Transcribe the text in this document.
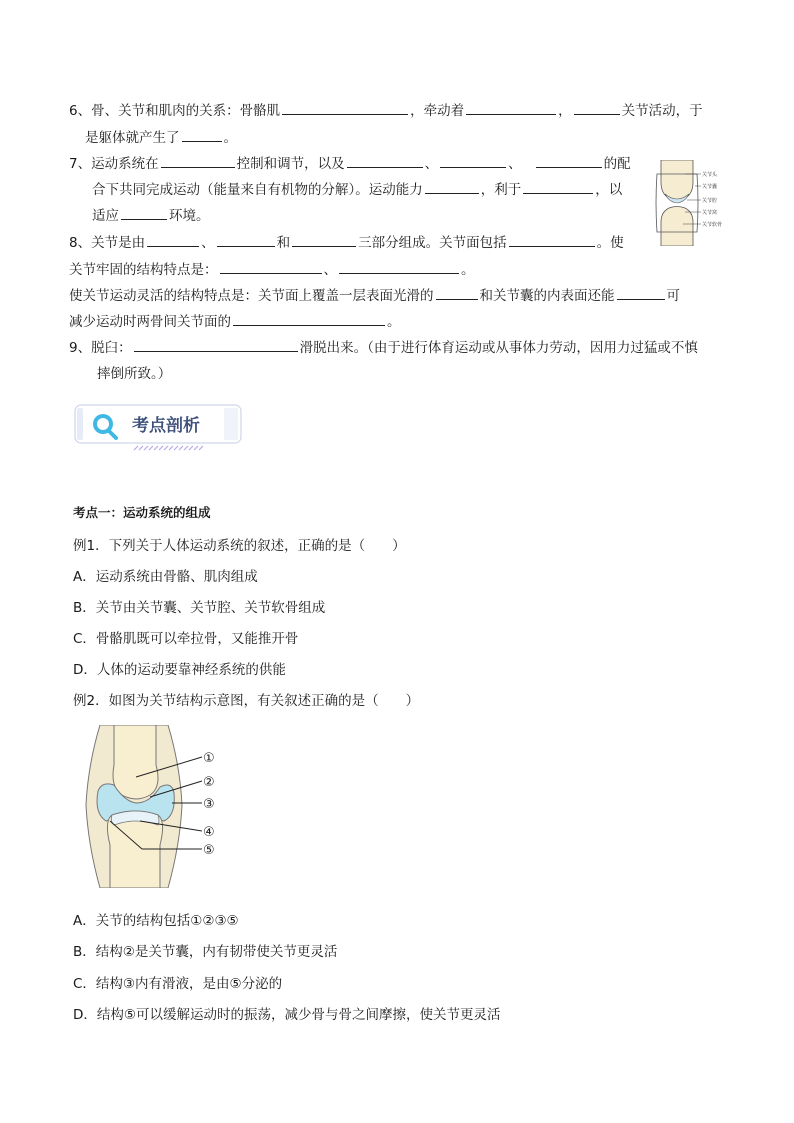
6、骨、关节和肌肉的关系：骨骼肌	，牵动着	，	关节活动，于
是躯体就产生了	。
7、运动系统在	控制和调节，以及	、	、	的配
合下共同完成运动（能量来自有机物的分解）。运动能力	，利于	，以
适应	环境。
关节头
关节囊
关节腔
关节窝
关节软骨
8、关节是由	、	和	三部分组成。关节面包括	。使
关节牢固的结构特点是：	、	。
使关节运动灵活的结构特点是：关节面上覆盖一层表面光滑的	和关节囊的内表面还能	可
减少运动时两骨间关节面的	。
9、脱臼：	滑脱出来。（由于进行体育运动或从事体力劳动，因用力过猛或不慎
摔倒所致。）
考点剖析
考点一：运动系统的组成
例1．下列关于人体运动系统的叙述，正确的是（　　）
A．运动系统由骨骼、肌肉组成
B．关节由关节囊、关节腔、关节软骨组成
C．骨骼肌既可以牵拉骨，又能推开骨
D．人体的运动要靠神经系统的供能
例2．如图为关节结构示意图，有关叙述正确的是（　　）
①
②
③
④
⑤
A．关节的结构包括①②③⑤
B．结构②是关节囊，内有韧带使关节更灵活
C．结构③内有滑液，是由⑤分泌的
D．结构⑤可以缓解运动时的振荡，减少骨与骨之间摩擦，使关节更灵活
